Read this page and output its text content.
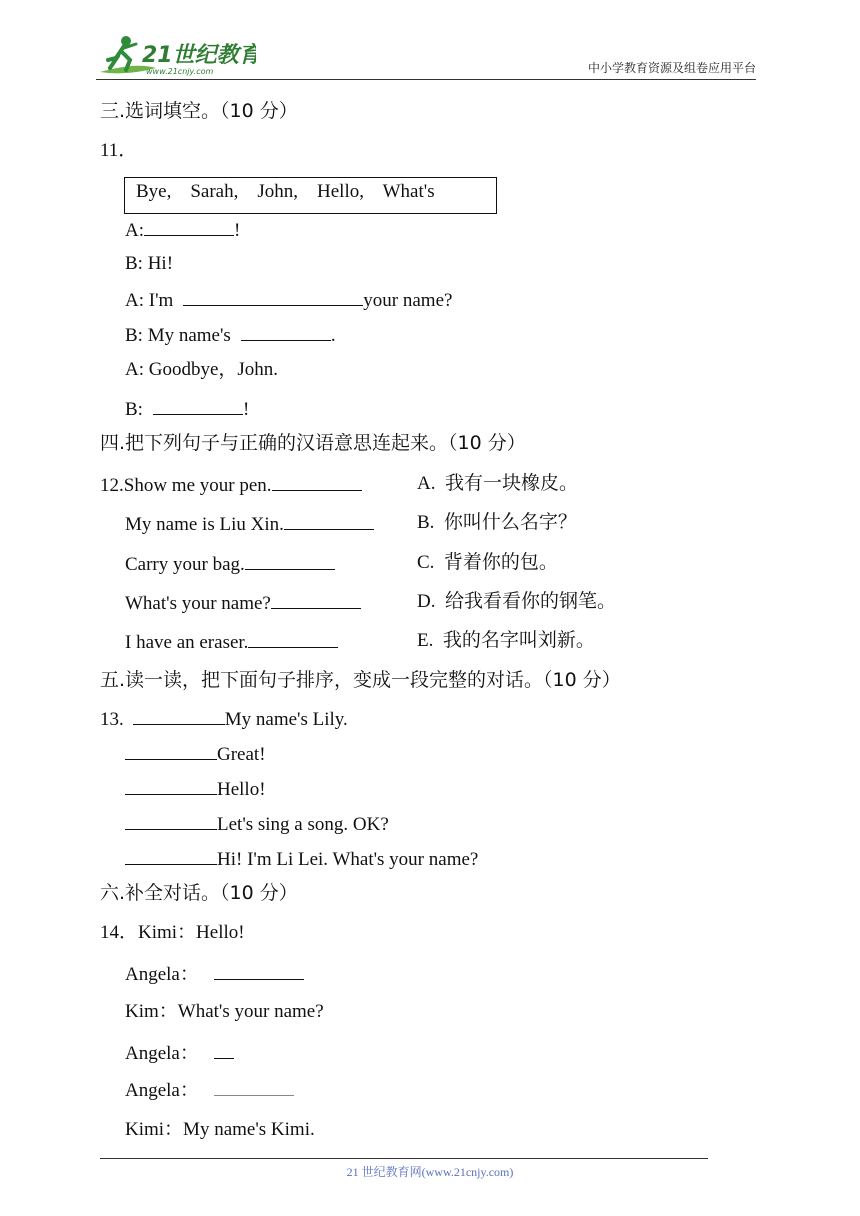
21世纪教育
www.21cnjy.com	中小学教育资源及组卷应用平台
三.选词填空。（10 分）
11．
Bye,    Sarah,    John,    Hello,    What's
A:	!
B: Hi!
A: I'm	your name?
B: My name's	.
A: Goodbye，John.
B:	!
四.把下列句子与正确的汉语意思连起来。（10 分）
12.Show me your pen.
My name is Liu Xin.
Carry your bag.
What's your name?
I have an eraser.
A.  我有一块橡皮。
B.  你叫什么名字？
C.  背着你的包。
D.  给我看看你的钢笔。
E.  我的名字叫刘新。
五.读一读，把下面句子排序，变成一段完整的对话。（10 分）
13.	My name's Lily.
Great!
Hello!
Let's sing a song. OK?
Hi! I'm Li Lei. What's your name?
六.补全对话。（10 分）
14．Kimi：Hello!
Angela：
Kim：What's your name?
Angela：
Angela：
Kimi：My name's Kimi.
21 世纪教育网(www.21cnjy.com)
